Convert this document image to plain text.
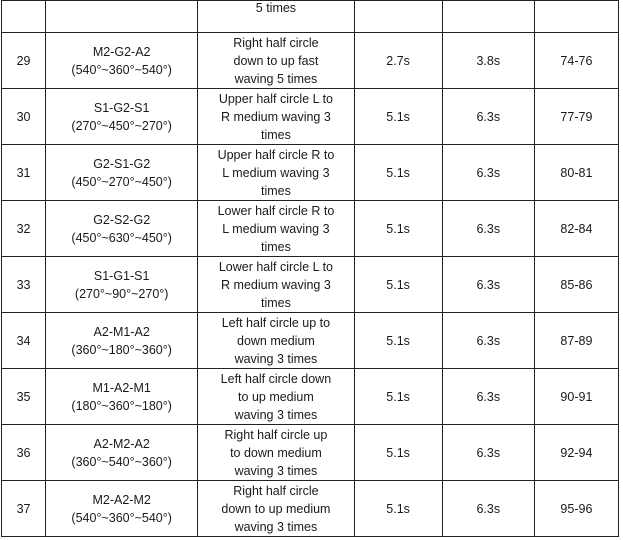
		5 times			

29	M2-G2-A2
(540°~360°~540°)	Right half circle
down to up fast
waving 5 times	2.7s	3.8s	74-76

30	S1-G2-S1
(270°~450°~270°)	Upper half circle L to
R medium waving 3
times	5.1s	6.3s	77-79

31	G2-S1-G2
(450°~270°~450°)	Upper half circle R to
L medium waving 3
times	5.1s	6.3s	80-81

32	G2-S2-G2
(450°~630°~450°)	Lower half circle R to
L medium waving 3
times	5.1s	6.3s	82-84

33	S1-G1-S1
(270°~90°~270°)	Lower half circle L to
R medium waving 3
times	5.1s	6.3s	85-86

34	A2-M1-A2
(360°~180°~360°)	Left half circle up to
down medium
waving 3 times	5.1s	6.3s	87-89

35	M1-A2-M1
(180°~360°~180°)	Left half circle down
to up medium
waving 3 times	5.1s	6.3s	90-91

36	A2-M2-A2
(360°~540°~360°)	Right half circle up
to down medium
waving 3 times	5.1s	6.3s	92-94

37	M2-A2-M2
(540°~360°~540°)	Right half circle
down to up medium
waving 3 times	5.1s	6.3s	95-96
